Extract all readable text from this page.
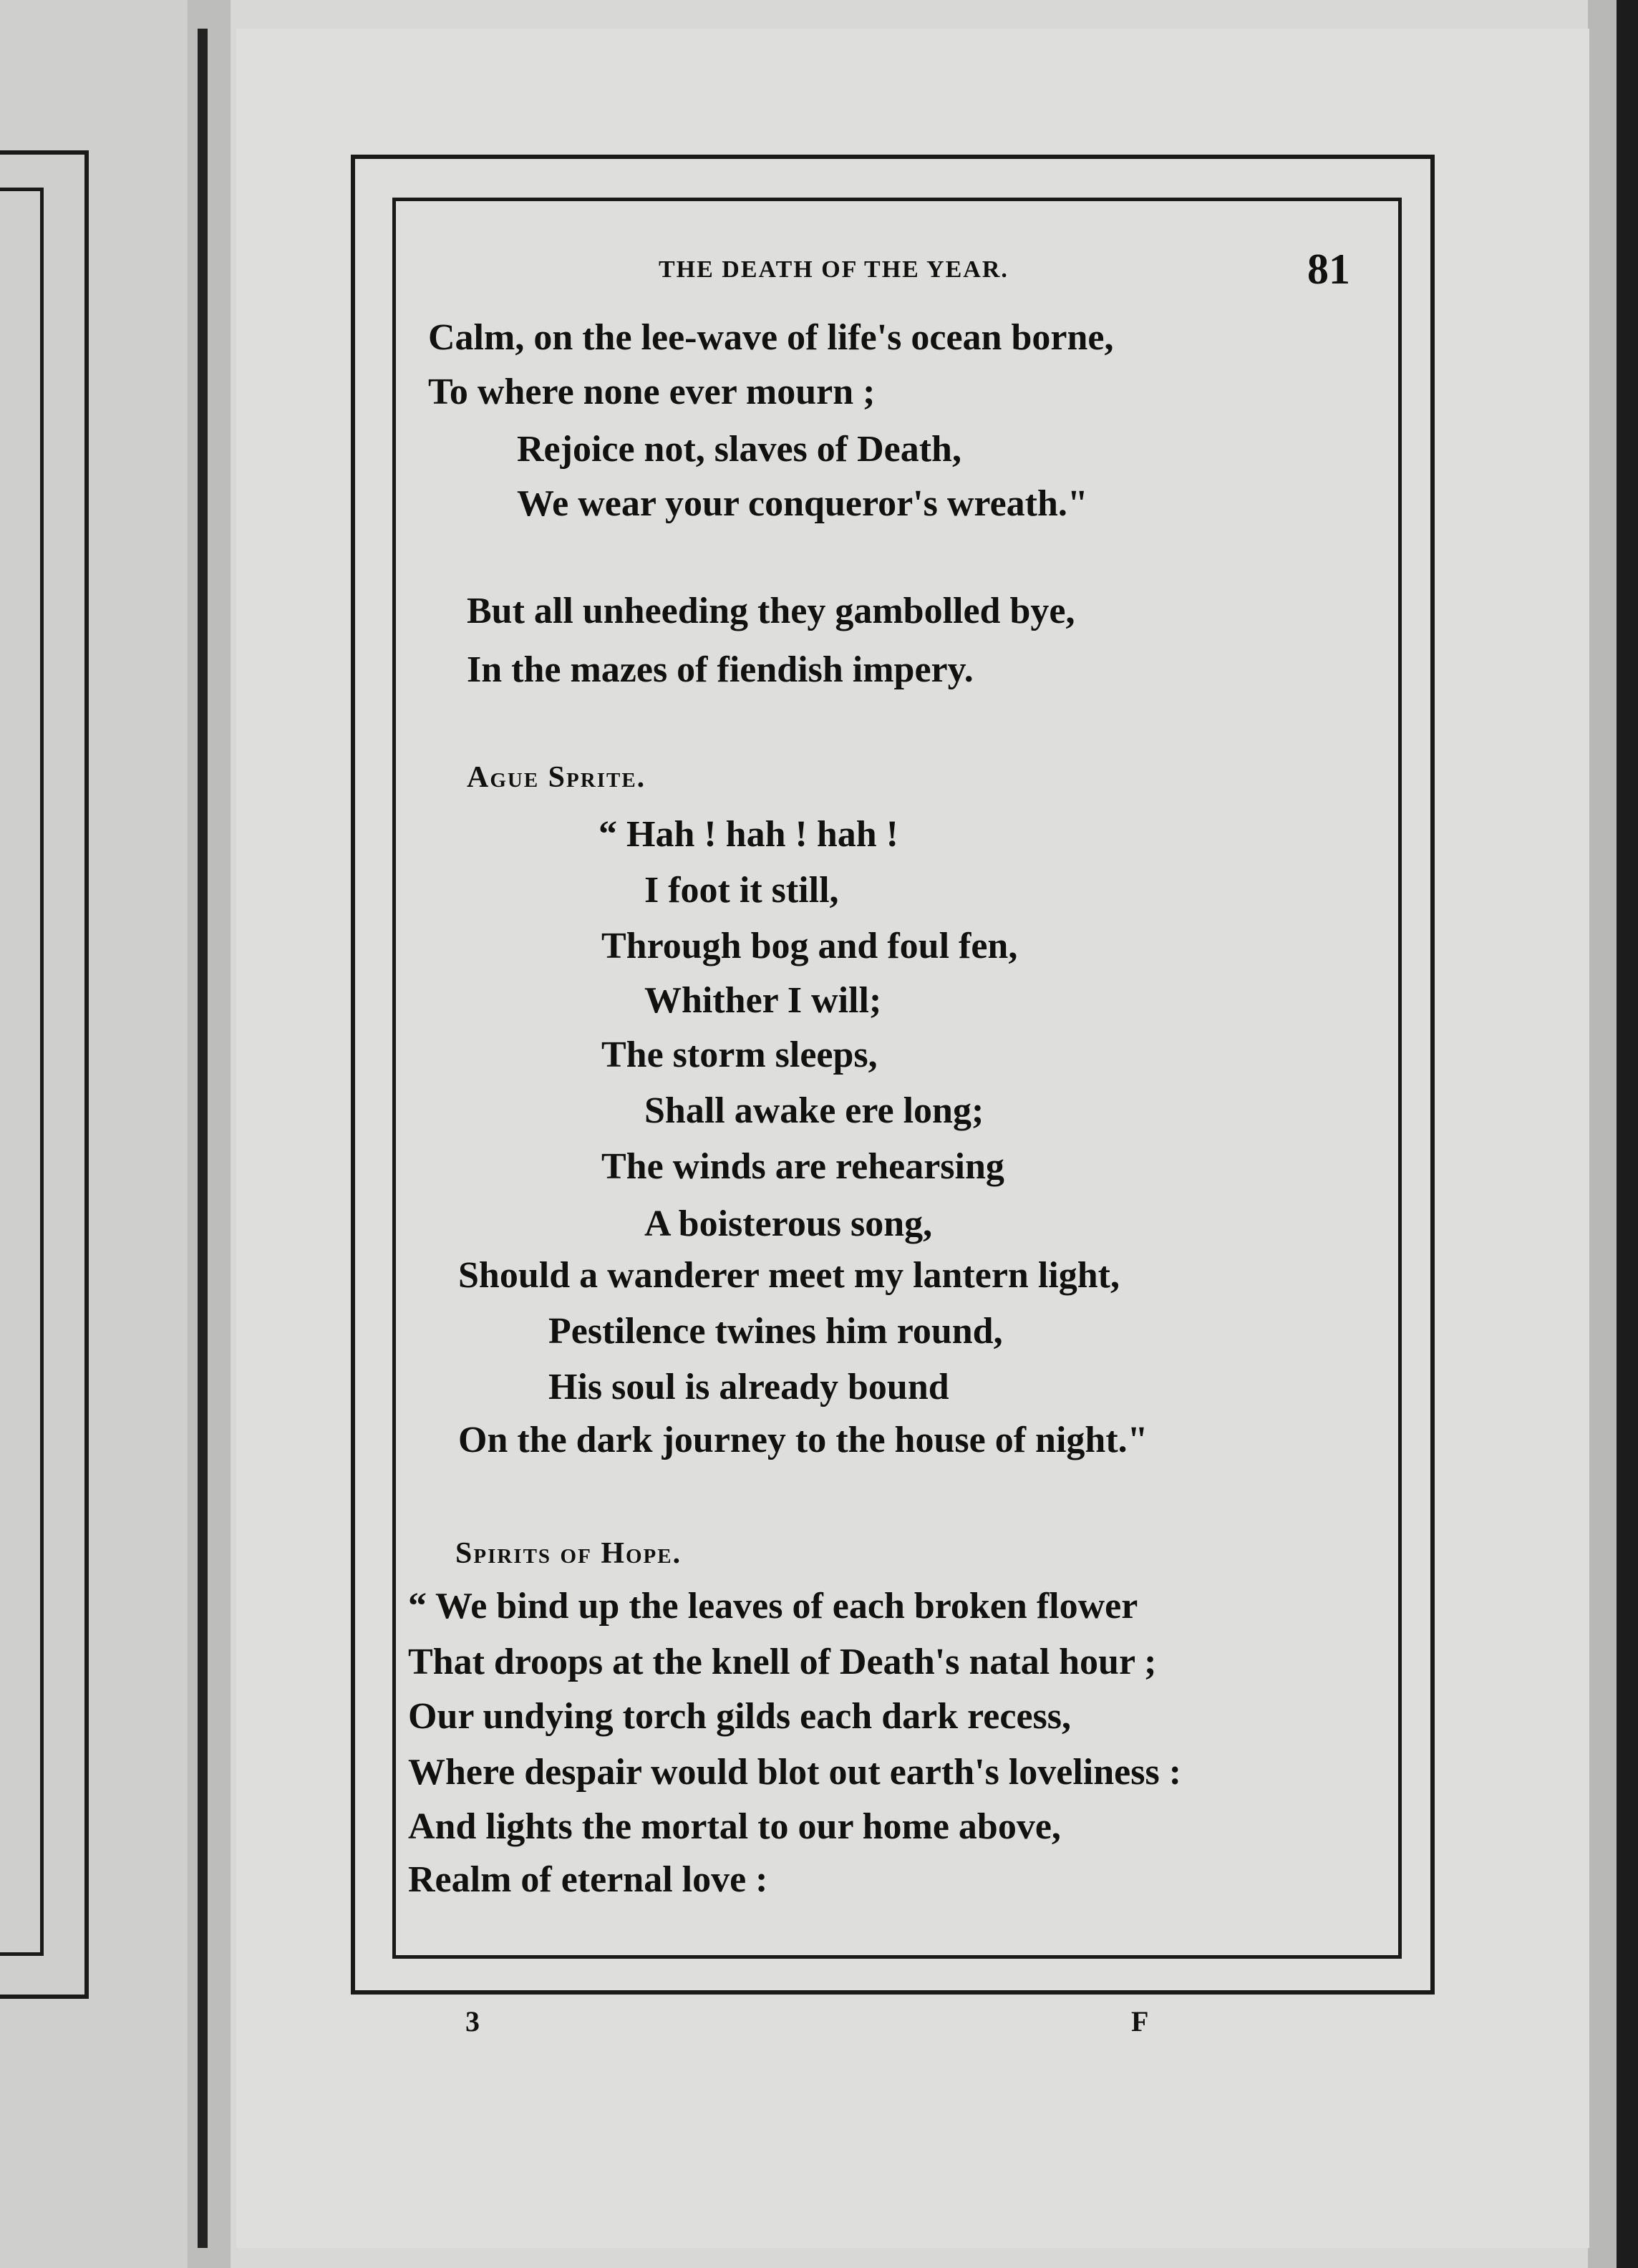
THE DEATH OF THE YEAR.	81
Calm, on the lee-wave of life's ocean borne,
To where none ever mourn ;
Rejoice not, slaves of Death,
We wear your conqueror's wreath."
But all unheeding they gambolled bye,
In the mazes of fiendish impery.
Ague Sprite.
“ Hah ! hah ! hah !
I foot it still,
Through bog and foul fen,
Whither I will;
The storm sleeps,
Shall awake ere long;
The winds are rehearsing
A boisterous song,
Should a wanderer meet my lantern light,
Pestilence twines him round,
His soul is already bound
On the dark journey to the house of night."
Spirits of Hope.
“ We bind up the leaves of each broken flower
That droops at the knell of Death's natal hour ;
Our undying torch gilds each dark recess,
Where despair would blot out earth's loveliness :
And lights the mortal to our home above,
Realm of eternal love :
3	F
